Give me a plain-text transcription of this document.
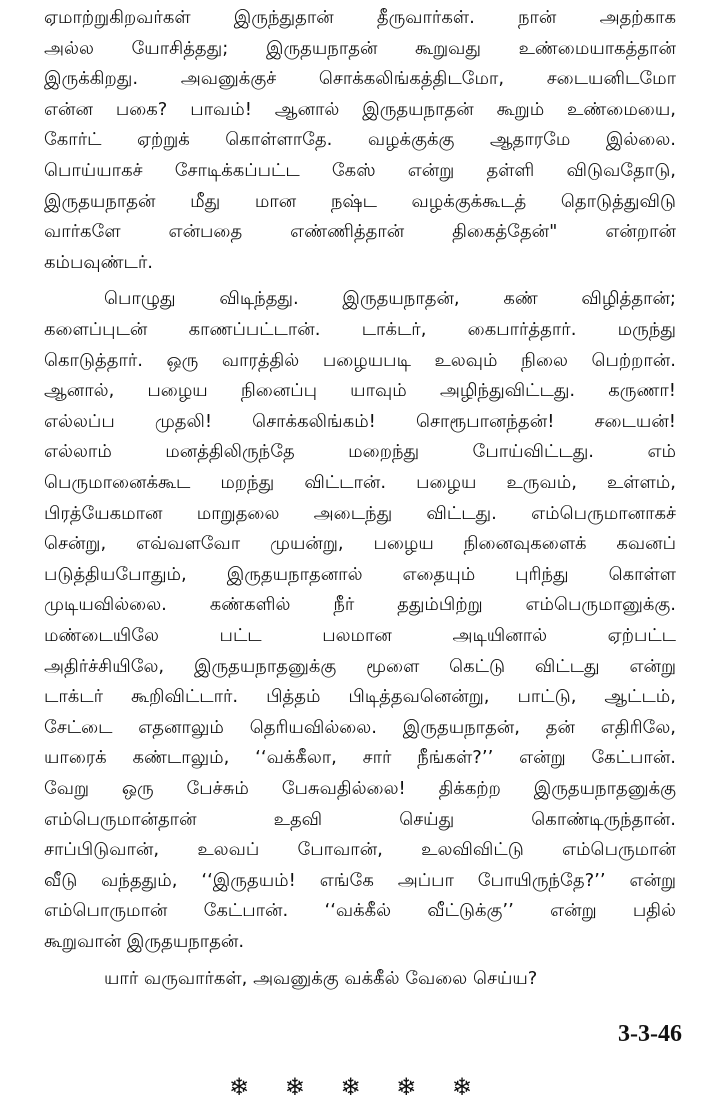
ஏமாற்றுகிறவர்கள் இருந்துதான் தீருவார்கள். நான் அதற்காக
அல்ல யோசித்தது; இருதயநாதன் கூறுவது உண்மையாகத்தான்
இருக்கிறது. அவனுக்குச் சொக்கலிங்கத்திடமோ, சடையனிடமோ
என்ன பகை? பாவம்! ஆனால் இருதயநாதன் கூறும் உண்மையை,
கோர்ட் ஏற்றுக் கொள்ளாதே. வழக்குக்கு ஆதாரமே இல்லை.
பொய்யாகச் சோடிக்கப்பட்ட கேஸ் என்று தள்ளி விடுவதோடு,
இருதயநாதன் மீது மான நஷ்ட வழக்குக்கூடத் தொடுத்துவிடு
வார்களே என்பதை எண்ணித்தான் திகைத்தேன்" என்றான்
கம்பவுண்டர்.
பொழுது விடிந்தது. இருதயநாதன், கண் விழித்தான்;
களைப்புடன் காணப்பட்டான். டாக்டர், கைபார்த்தார். மருந்து
கொடுத்தார். ஒரு வாரத்தில் பழையபடி உலவும் நிலை பெற்றான்.
ஆனால், பழைய நினைப்பு யாவும் அழிந்துவிட்டது. கருணா!
எல்லப்ப முதலி! சொக்கலிங்கம்! சொரூபானந்தன்! சடையன்!
எல்லாம் மனத்திலிருந்தே மறைந்து போய்விட்டது. எம்
பெருமானைக்கூட மறந்து விட்டான். பழைய உருவம், உள்ளம்,
பிரத்யேகமான மாறுதலை அடைந்து விட்டது. எம்பெருமானாகச்
சென்று, எவ்வளவோ முயன்று, பழைய நினைவுகளைக் கவனப்
படுத்தியபோதும், இருதயநாதனால் எதையும் புரிந்து கொள்ள
முடியவில்லை. கண்களில் நீர் ததும்பிற்று எம்பெருமானுக்கு.
மண்டையிலே பட்ட பலமான அடியினால் ஏற்பட்ட
அதிர்ச்சியிலே, இருதயநாதனுக்கு மூளை கெட்டு விட்டது என்று
டாக்டர் கூறிவிட்டார். பித்தம் பிடித்தவனென்று, பாட்டு, ஆட்டம்,
சேட்டை எதனாலும் தெரியவில்லை. இருதயநாதன், தன் எதிரிலே,
யாரைக் கண்டாலும், ‘‘வக்கீலா, சார் நீங்கள்?’’ என்று கேட்பான்.
வேறு ஒரு பேச்சும் பேசுவதில்லை! திக்கற்ற இருதயநாதனுக்கு
எம்பெருமான்தான் உதவி செய்து கொண்டிருந்தான்.
சாப்பிடுவான், உலவப் போவான், உலவிவிட்டு எம்பெருமான்
வீடு வந்ததும், ‘‘இருதயம்! எங்கே அப்பா போயிருந்தே?’’ என்று
எம்பொருமான் கேட்பான். ‘‘வக்கீல் வீட்டுக்கு’’ என்று பதில்
கூறுவான் இருதயநாதன்.
யார் வருவார்கள், அவனுக்கு வக்கீல் வேலை செய்ய?
3-3-46
❄ ❄ ❄ ❄ ❄
